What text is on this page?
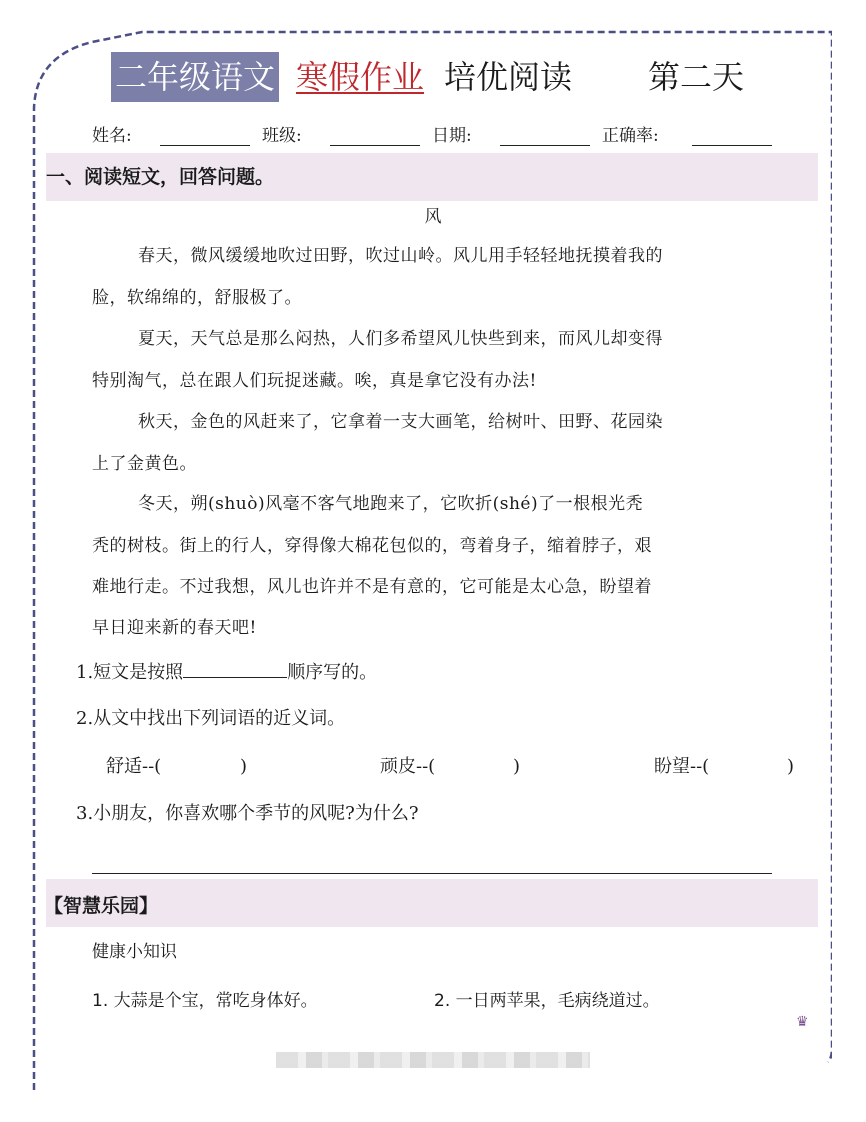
二年级语文 寒假作业 培优阅读 第二天
姓名:	班级:	日期:	正确率:
一、阅读短文，回答问题。
风
春天，微风缓缓地吹过田野，吹过山岭。风儿用手轻轻地抚摸着我的
脸，软绵绵的，舒服极了。
夏天，天气总是那么闷热，人们多希望风儿快些到来，而风儿却变得
特别淘气，总在跟人们玩捉迷藏。唉，真是拿它没有办法!
秋天，金色的风赶来了，它拿着一支大画笔，给树叶、田野、花园染
上了金黄色。
冬天，朔(shuò)风毫不客气地跑来了，它吹折(shé)了一根根光秃
秃的树枝。街上的行人，穿得像大棉花包似的，弯着身子，缩着脖子，艰
难地行走。不过我想，风儿也许并不是有意的，它可能是太心急，盼望着
早日迎来新的春天吧!
1.短文是按照	顺序写的。
2.从文中找出下列词语的近义词。
舒适--(	)	顽皮--(	)	盼望--(	)
3.小朋友，你喜欢哪个季节的风呢?为什么?
【智慧乐园】
健康小知识
1. 大蒜是个宝，常吃身体好。	2. 一日两苹果，毛病绕道过。
♛
